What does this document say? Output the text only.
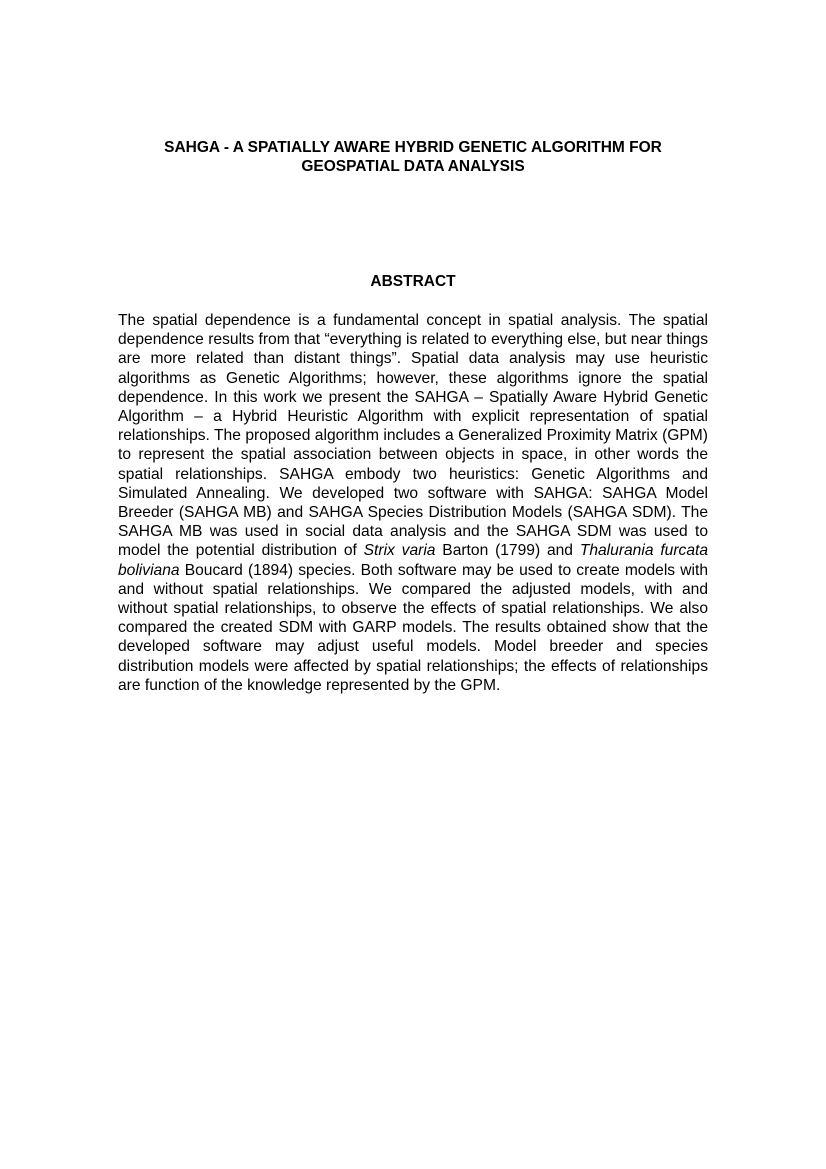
SAHGA - A SPATIALLY AWARE HYBRID GENETIC ALGORITHM FOR
GEOSPATIAL DATA ANALYSIS
ABSTRACT

The spatial dependence is a fundamental concept in spatial analysis. The spatial dependence results from that “everything is related to everything else, but near things are more related than distant things”. Spatial data analysis may use heuristic algorithms as Genetic Algorithms; however, these algorithms ignore the spatial dependence. In this work we present the SAHGA – Spatially Aware Hybrid Genetic Algorithm – a Hybrid Heuristic Algorithm with explicit representation of spatial relationships. The proposed algorithm includes a Generalized Proximity Matrix (GPM) to represent the spatial association between objects in space, in other words the spatial relationships. SAHGA embody two heuristics: Genetic Algorithms and Simulated Annealing. We developed two software with SAHGA: SAHGA Model Breeder (SAHGA MB) and SAHGA Species Distribution Models (SAHGA SDM). The SAHGA MB was used in social data analysis and the SAHGA SDM was used to model the potential distribution of Strix varia Barton (1799) and Thalurania furcata boliviana Boucard (1894) species. Both software may be used to create models with and without spatial relationships. We compared the adjusted models, with and without spatial relationships, to observe the effects of spatial relationships. We also compared the created SDM with GARP models. The results obtained show that the developed software may adjust useful models. Model breeder and species distribution models were affected by spatial relationships; the effects of relationships are function of the knowledge represented by the GPM.
